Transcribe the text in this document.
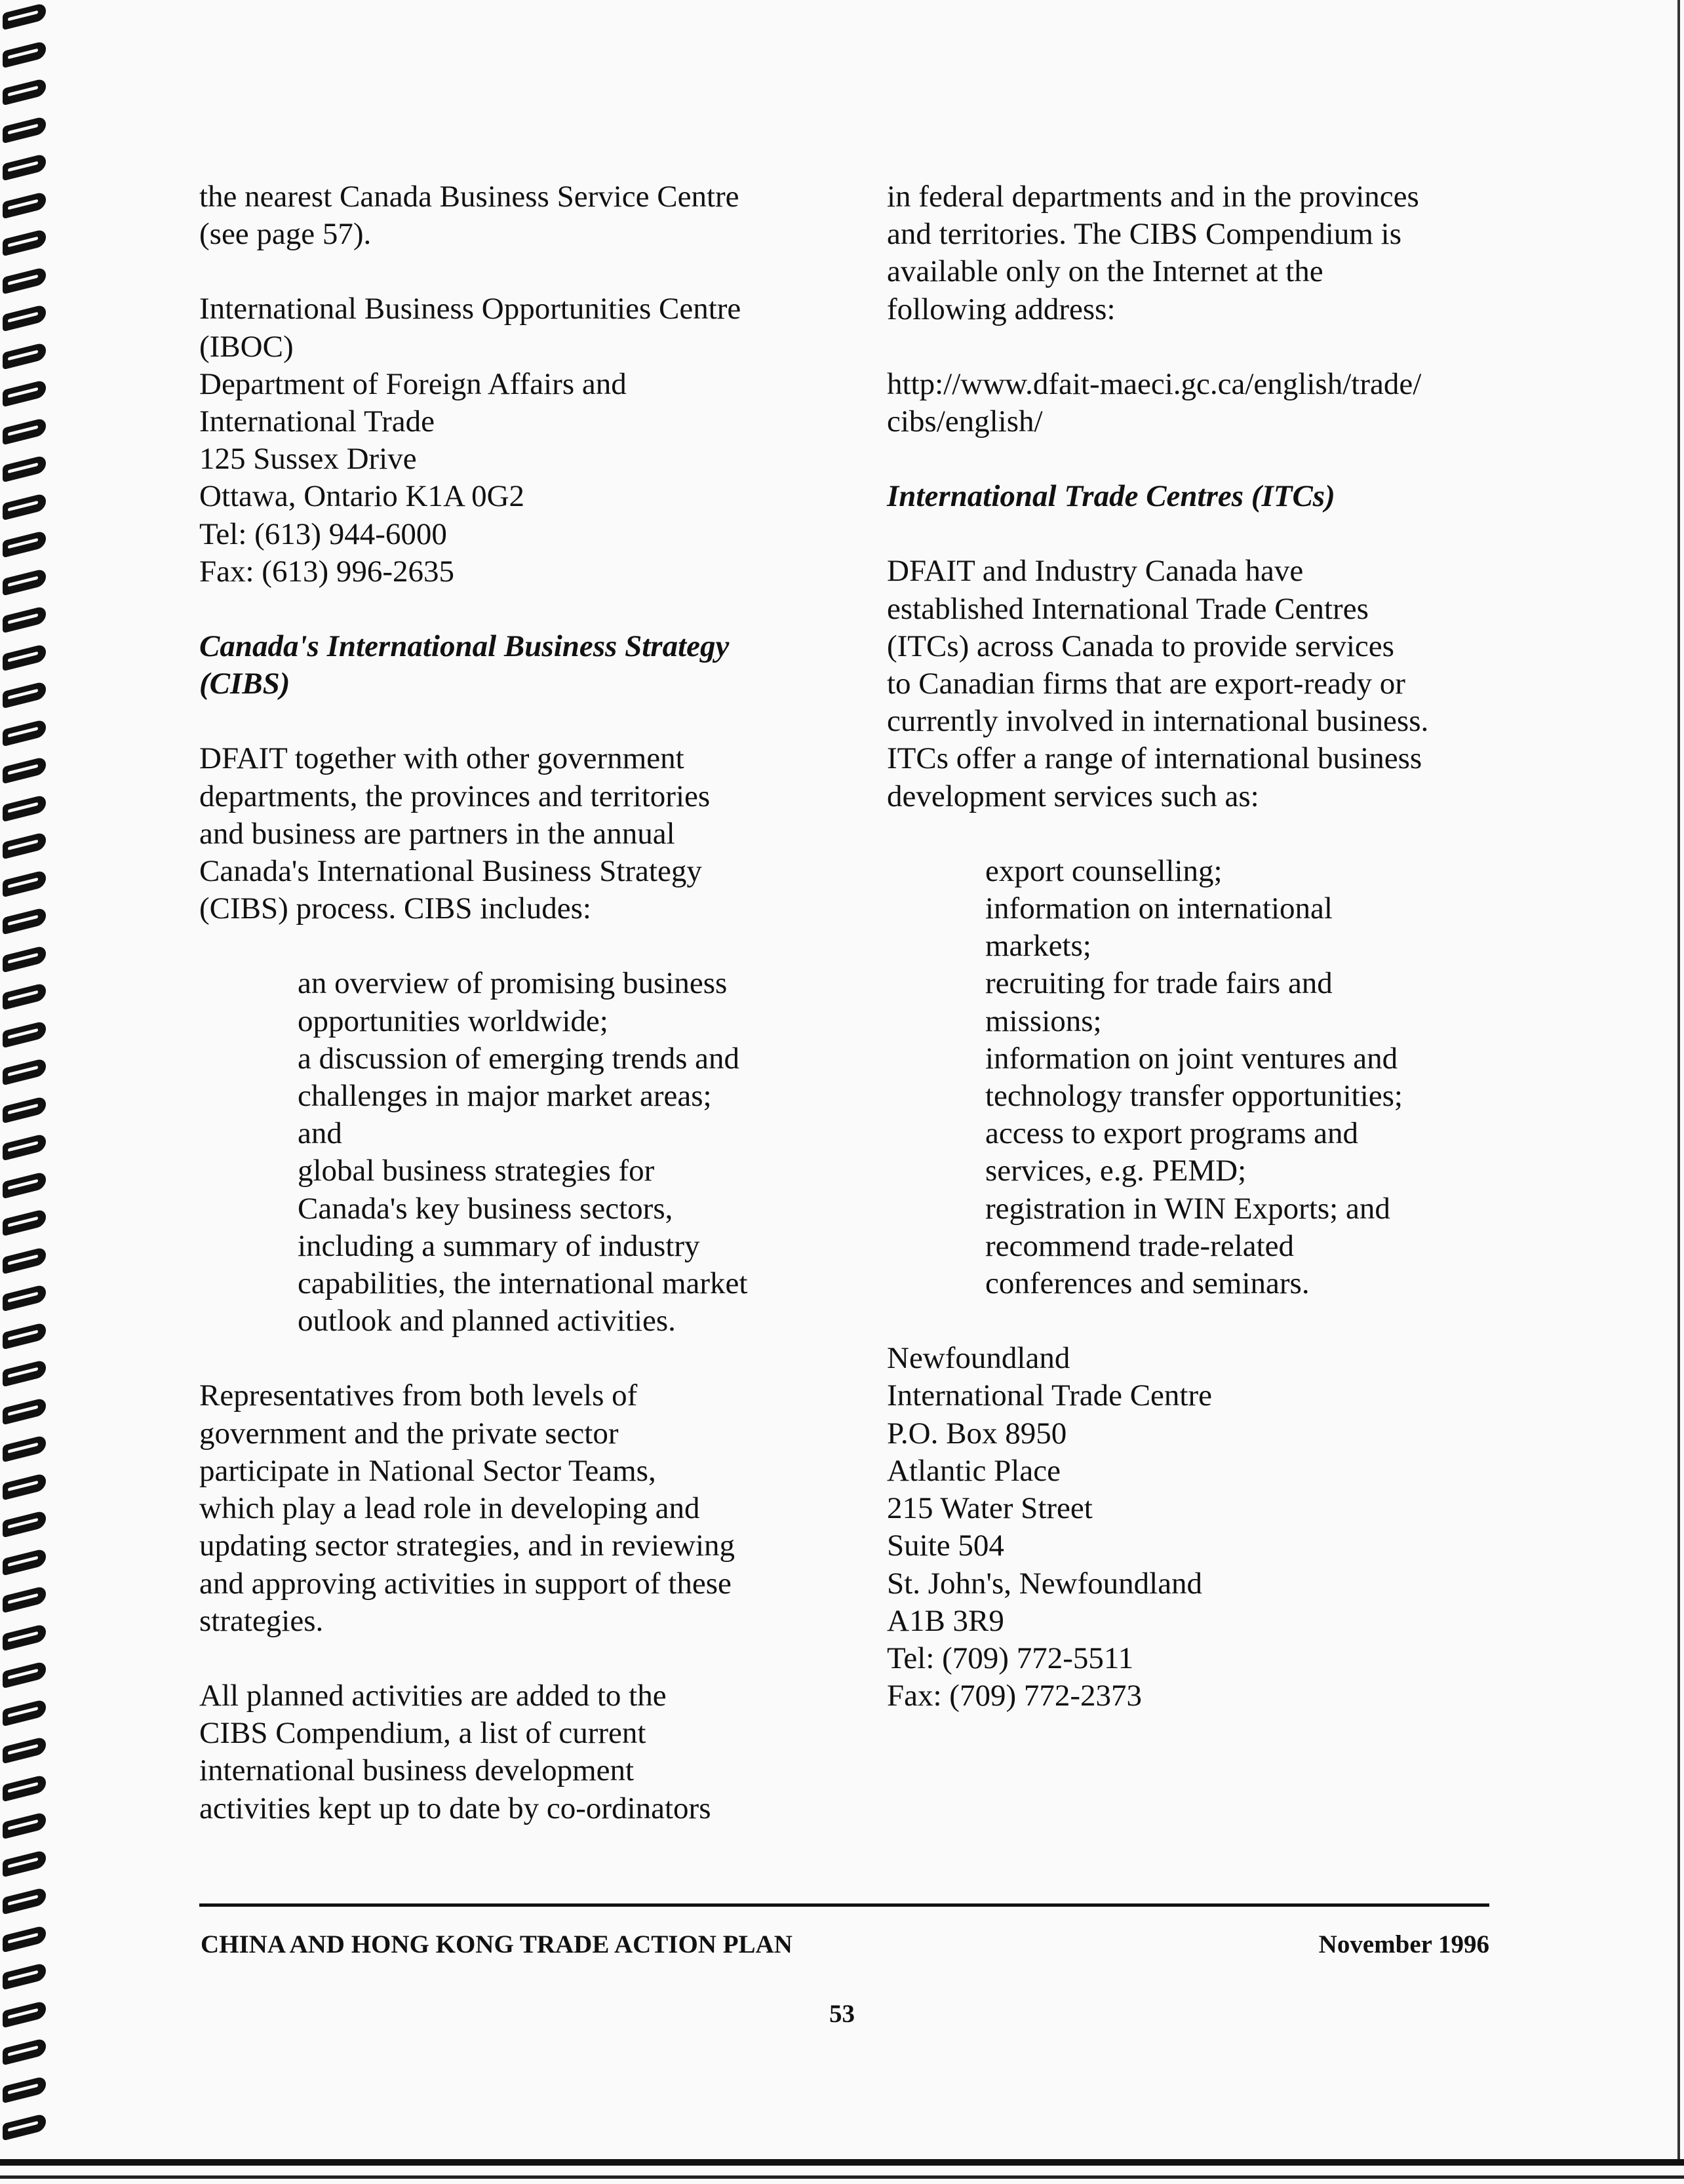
the nearest Canada Business Service Centre
(see page 57).

International Business Opportunities Centre
(IBOC)
Department of Foreign Affairs and
International Trade
125 Sussex Drive
Ottawa, Ontario K1A 0G2
Tel: (613) 944-6000
Fax: (613) 996-2635

Canada's International Business Strategy
(CIBS)

DFAIT together with other government
departments, the provinces and territories
and business are partners in the annual
Canada's International Business Strategy
(CIBS) process. CIBS includes:

an overview of promising business
opportunities worldwide;
a discussion of emerging trends and
challenges in major market areas;
and
global business strategies for
Canada's key business sectors,
including a summary of industry
capabilities, the international market
outlook and planned activities.

Representatives from both levels of
government and the private sector
participate in National Sector Teams,
which play a lead role in developing and
updating sector strategies, and in reviewing
and approving activities in support of these
strategies.

All planned activities are added to the
CIBS Compendium, a list of current
international business development
activities kept up to date by co-ordinators

in federal departments and in the provinces
and territories. The CIBS Compendium is
available only on the Internet at the
following address:

http://www.dfait-maeci.gc.ca/english/trade/
cibs/english/

International Trade Centres (ITCs)

DFAIT and Industry Canada have
established International Trade Centres
(ITCs) across Canada to provide services
to Canadian firms that are export-ready or
currently involved in international business.
ITCs offer a range of international business
development services such as:

export counselling;
information on international
markets;
recruiting for trade fairs and
missions;
information on joint ventures and
technology transfer opportunities;
access to export programs and
services, e.g. PEMD;
registration in WIN Exports; and
recommend trade-related
conferences and seminars.

Newfoundland
International Trade Centre
P.O. Box 8950
Atlantic Place
215 Water Street
Suite 504
St. John's, Newfoundland
A1B 3R9
Tel: (709) 772-5511
Fax: (709) 772-2373

CHINA AND HONG KONG TRADE ACTION PLAN	November 1996
53
